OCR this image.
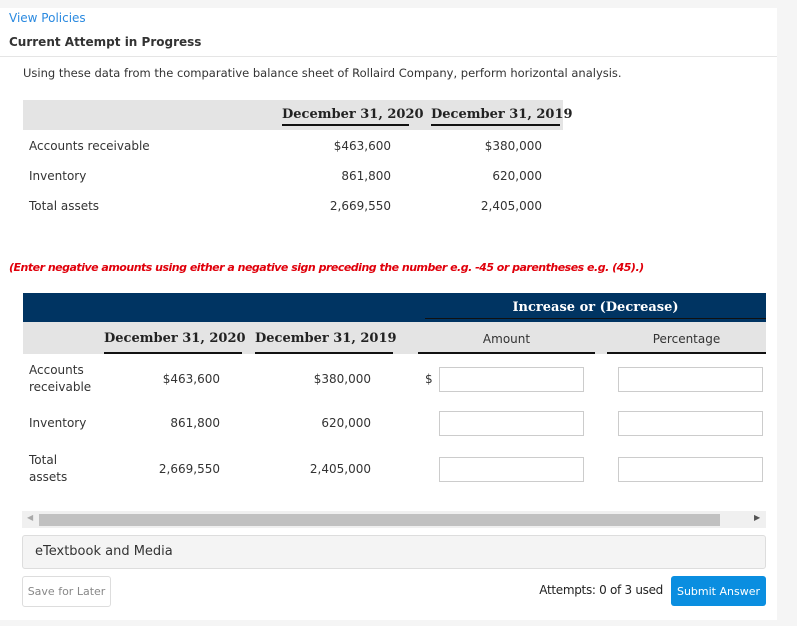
View Policies
Current Attempt in Progress
Using these data from the comparative balance sheet of Rollaird Company, perform horizontal analysis.
December 31, 2020 December 31, 2019
Accounts receivable	$463,600	$380,000
Inventory	861,800	620,000
Total assets	2,669,550	2,405,000
(Enter negative amounts using either a negative sign preceding the number e.g. -45 or parentheses e.g. (45).)
Increase or (Decrease)
December 31, 2020 December 31, 2019	Amount	Percentage
Accounts
receivable
$463,600	$380,000	$
Inventory	861,800	620,000
Total
assets
2,669,550	2,405,000
◀	▶
eTextbook and Media
Save for Later	Attempts: 0 of 3 used	Submit Answer
